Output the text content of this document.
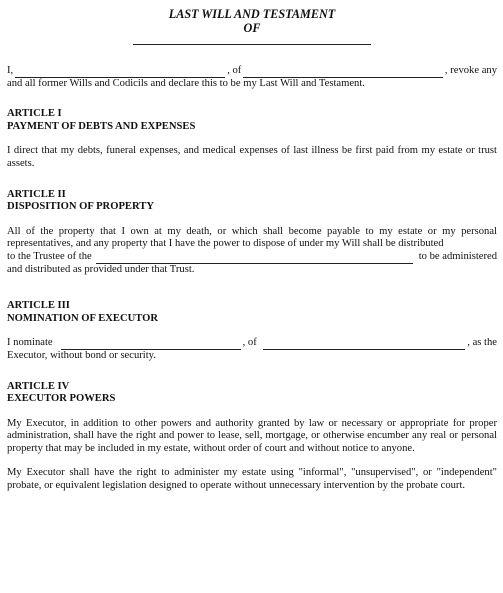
LAST WILL AND TESTAMENT

OF

I,	, of	, revoke any

and all former Wills and Codicils and declare this to be my Last Will and Testament.

ARTICLE I

PAYMENT OF DEBTS AND EXPENSES

I direct that my debts, funeral expenses, and medical expenses of last illness be first paid from my estate or trust assets.

ARTICLE II

DISPOSITION OF PROPERTY

All of the property that I own at my death, or which shall become payable to my estate or my personal representatives, and any property that I have the power to dispose of under my Will shall be distributed

to the Trustee of the	to be administered

and distributed as provided under that Trust.

ARTICLE III

NOMINATION OF EXECUTOR

I nominate	, of	, as the

Executor, without bond or security.

ARTICLE IV

EXECUTOR POWERS

My Executor, in addition to other powers and authority granted by law or necessary or appropriate for proper administration, shall have the right and power to lease, sell, mortgage, or otherwise encumber any real or personal property that may be included in my estate, without order of court and without notice to anyone.

My Executor shall have the right to administer my estate using "informal", "unsupervised", or "independent" probate, or equivalent legislation designed to operate without unnecessary intervention by the probate court.
